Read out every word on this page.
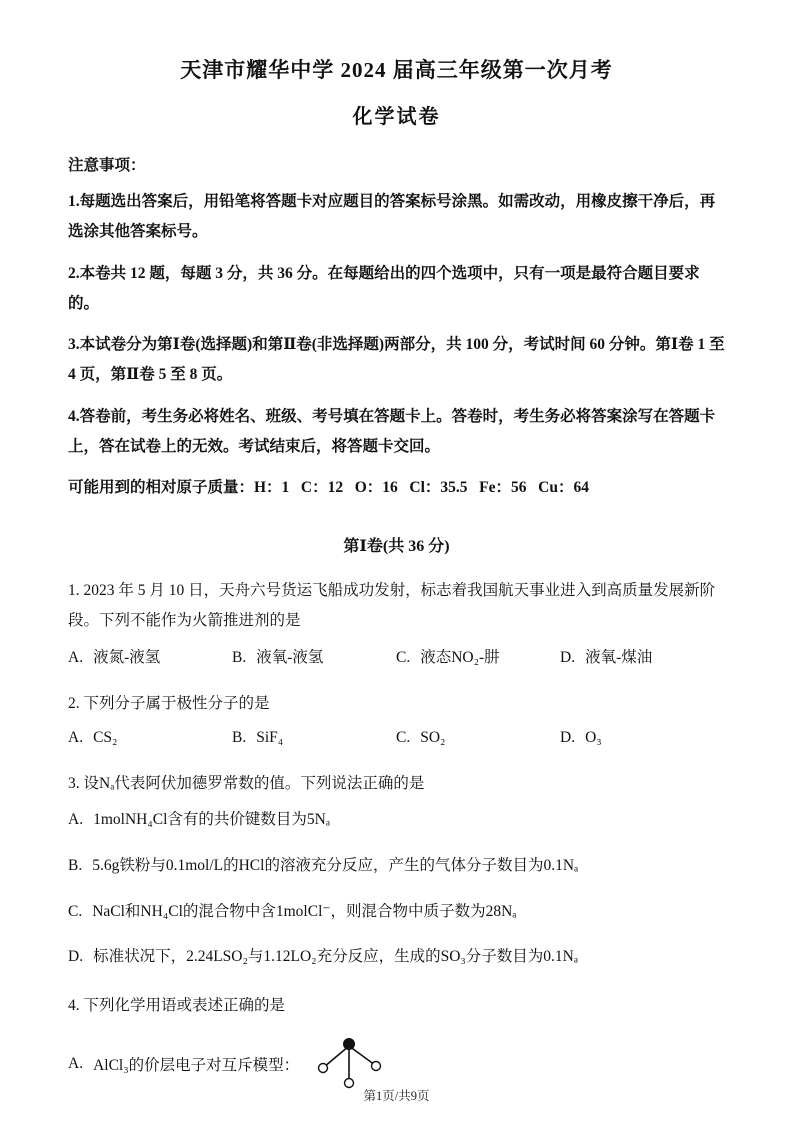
天津市耀华中学 2024 届高三年级第一次月考
化学试卷

注意事项：

1.每题选出答案后，用铅笔将答题卡对应题目的答案标号涂黑。如需改动，用橡皮擦干净后，再选涂其他答案标号。

2.本卷共 12 题，每题 3 分，共 36 分。在每题给出的四个选项中，只有一项是最符合题目要求的。

3.本试卷分为第Ⅰ卷(选择题)和第Ⅱ卷(非选择题)两部分，共 100 分，考试时间 60 分钟。第Ⅰ卷 1 至 4 页，第Ⅱ卷 5 至 8 页。

4.答卷前，考生务必将姓名、班级、考号填在答题卡上。答卷时，考生务必将答案涂写在答题卡上，答在试卷上的无效。考试结束后，将答题卡交回。

可能用到的相对原子质量：H：1   C：12   O：16   Cl：35.5   Fe：56   Cu：64

第Ⅰ卷(共 36 分)

1. 2023 年 5 月 10 日，天舟六号货运飞船成功发射，标志着我国航天事业进入到高质量发展新阶段。下列不能作为火箭推进剂的是

A. 液氮-液氢	B. 液氧-液氢	C. 液态NO₂-肼	D. 液氧-煤油

2. 下列分子属于极性分子的是

A. CS₂	B. SiF₄	C. SO₂	D. O₃

3. 设Nₐ代表阿伏加德罗常数的值。下列说法正确的是

A. 1molNH₄Cl含有的共价键数目为5Nₐ

B. 5.6g铁粉与0.1mol/L的HCl的溶液充分反应，产生的气体分子数目为0.1Nₐ

C. NaCl和NH₄Cl的混合物中含1molCl⁻，则混合物中质子数为28Nₐ

D. 标准状况下，2.24LSO₂与1.12LO₂充分反应，生成的SO₃分子数目为0.1Nₐ

4. 下列化学用语或表述正确的是

A. AlCl₃的价层电子对互斥模型：
第1页/共9页
